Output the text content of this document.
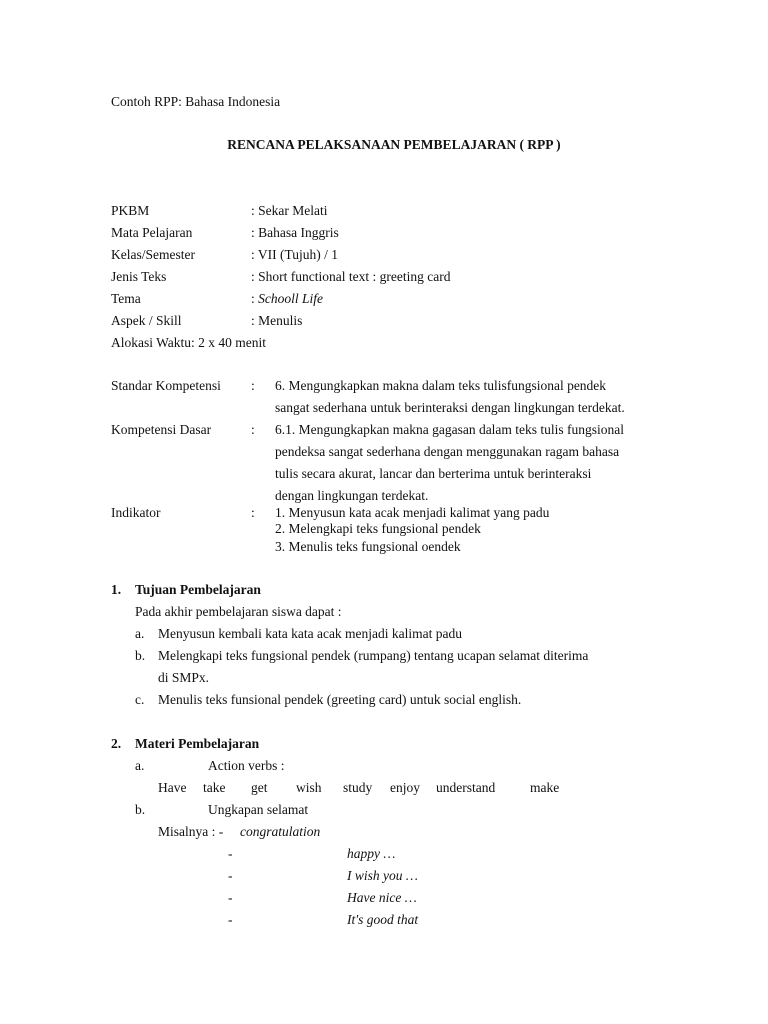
Contoh RPP: Bahasa Indonesia
RENCANA PELAKSANAAN PEMBELAJARAN ( RPP )
PKBM	: Sekar Melati
Mata Pelajaran	: Bahasa Inggris
Kelas/Semester	: VII (Tujuh) / 1
Jenis Teks	: Short functional text : greeting card
Tema	: Schooll Life
Aspek / Skill	: Menulis
Alokasi Waktu: 2 x 40 menit
Standar Kompetensi : 6. Mengungkapkan makna dalam teks tulisfungsional pendek
sangat sederhana untuk berinteraksi dengan lingkungan terdekat.
Kompetensi Dasar	: 6.1. Mengungkapkan makna gagasan dalam teks tulis fungsional
pendeksa sangat sederhana dengan menggunakan ragam bahasa
tulis secara akurat, lancar dan berterima untuk berinteraksi
dengan lingkungan terdekat.
Indikator	: 1. Menyusun kata acak menjadi kalimat yang padu
2. Melengkapi teks fungsional pendek
3. Menulis teks fungsional oendek
1. Tujuan Pembelajaran
Pada akhir pembelajaran siswa dapat :
a. Menyusun kembali kata kata acak menjadi kalimat padu
b. Melengkapi teks fungsional pendek (rumpang) tentang ucapan selamat diterima
di SMPx.
c. Menulis teks funsional pendek (greeting card) untuk social english.
2. Materi Pembelajaran
a.	Action verbs :
Have take get wish study enjoy understand	make
b.	Ungkapan selamat
Misalnya : - congratulation
-	happy …
-	I wish you …
-	Have nice …
-	It's good that
